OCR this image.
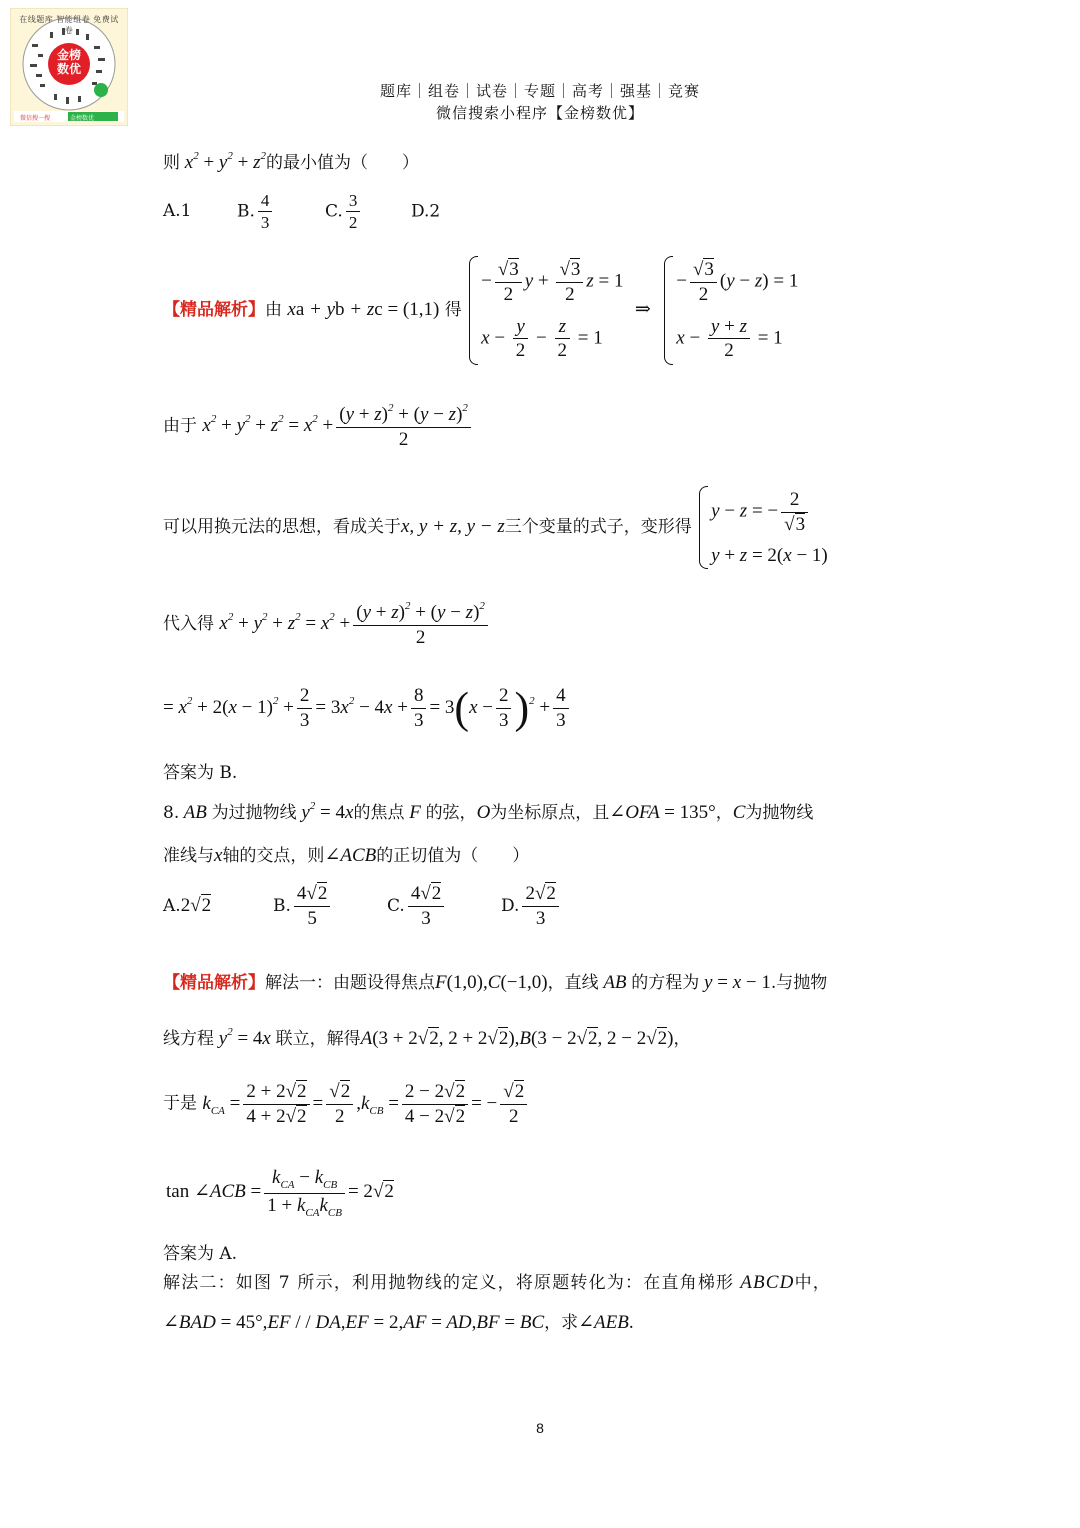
在线题库 智能组卷 免费试卷
金榜数优
微信搜一搜	金榜数优
题库｜组卷｜试卷｜专题｜高考｜强基｜竞赛
微信搜索小程序【金榜数优】
则 $x^2 + y^2 + z^2$的最小值为（　　）
A.1	B. $\frac{4}{3}$	C. $\frac{3}{2}$	D.2
【精品解析】由 xa + yb + zc = (1,1) 得
− $\frac{√3}{2}$ $y + \frac{√3}{2}$ z = 1
$x - \frac{y}{2} - \frac{z}{2} = 1$
⇒
− $\frac{√3}{2} (y - z) = 1$
$x - \frac{y + z}{2} = 1$
由于 $x^2 + y^2 + z^2 = x^2 + \frac{(y + z)^2 + (y - z)^2}{2}$
可以用换元法的思想，看成关于x, y + z, y − z三个变量的式子，变形得
y − z = − $\frac{2}{√3}$
y + z = 2(x − 1)
代入得 $x^2 + y^2 + z^2 = x^2 + \frac{(y + z)^2 + (y - z)^2}{2}$
= $x^2 + 2(x - 1)^2 + \frac{2}{3} = 3x^2 - 4x + \frac{8}{3} = 3(x - \frac{2}{3} )^2 + \frac{4}{3}$
答案为 B.
8. AB 为过抛物线 $y^2 = 4x$的焦点 F 的弦，O为坐标原点，且∠OFA = 135°，C为抛物线
准线与x轴的交点，则∠ACB的正切值为（　　）
A.2√2	B. $\frac{4√2}{5}$	C. $\frac{4√2}{3}$	D. $\frac{2√2}{3}$
【精品解析】解法一：由题设得焦点F(1,0),C(−1,0)，直线 AB 的方程为 y = x − 1.与抛物
线方程 $y^2 = 4x$ 联立，解得A(3 + 2√2, 2 + 2√2),B(3 − 2√2, 2 − 2√2)，
于是 $k_{CA} = \frac{2 + 2√2}{4 + 2√2} = \frac{√2}{2} ,k_{CB} = \frac{2 - 2√2}{4 - 2√2}$ = − $\frac{√2}{2}$
tan ∠ACB = $\frac{k_{CA} - k_{CB}}{1 + k_{CA}k_{CB}} = 2√2$
答案为 A.
解法二：如图 7 所示，利用抛物线的定义，将原题转化为：在直角梯形 ABCD中，
∠BAD = 45°,EF / / DA,EF = 2,AF = AD,BF = BC，求∠AEB.
8
